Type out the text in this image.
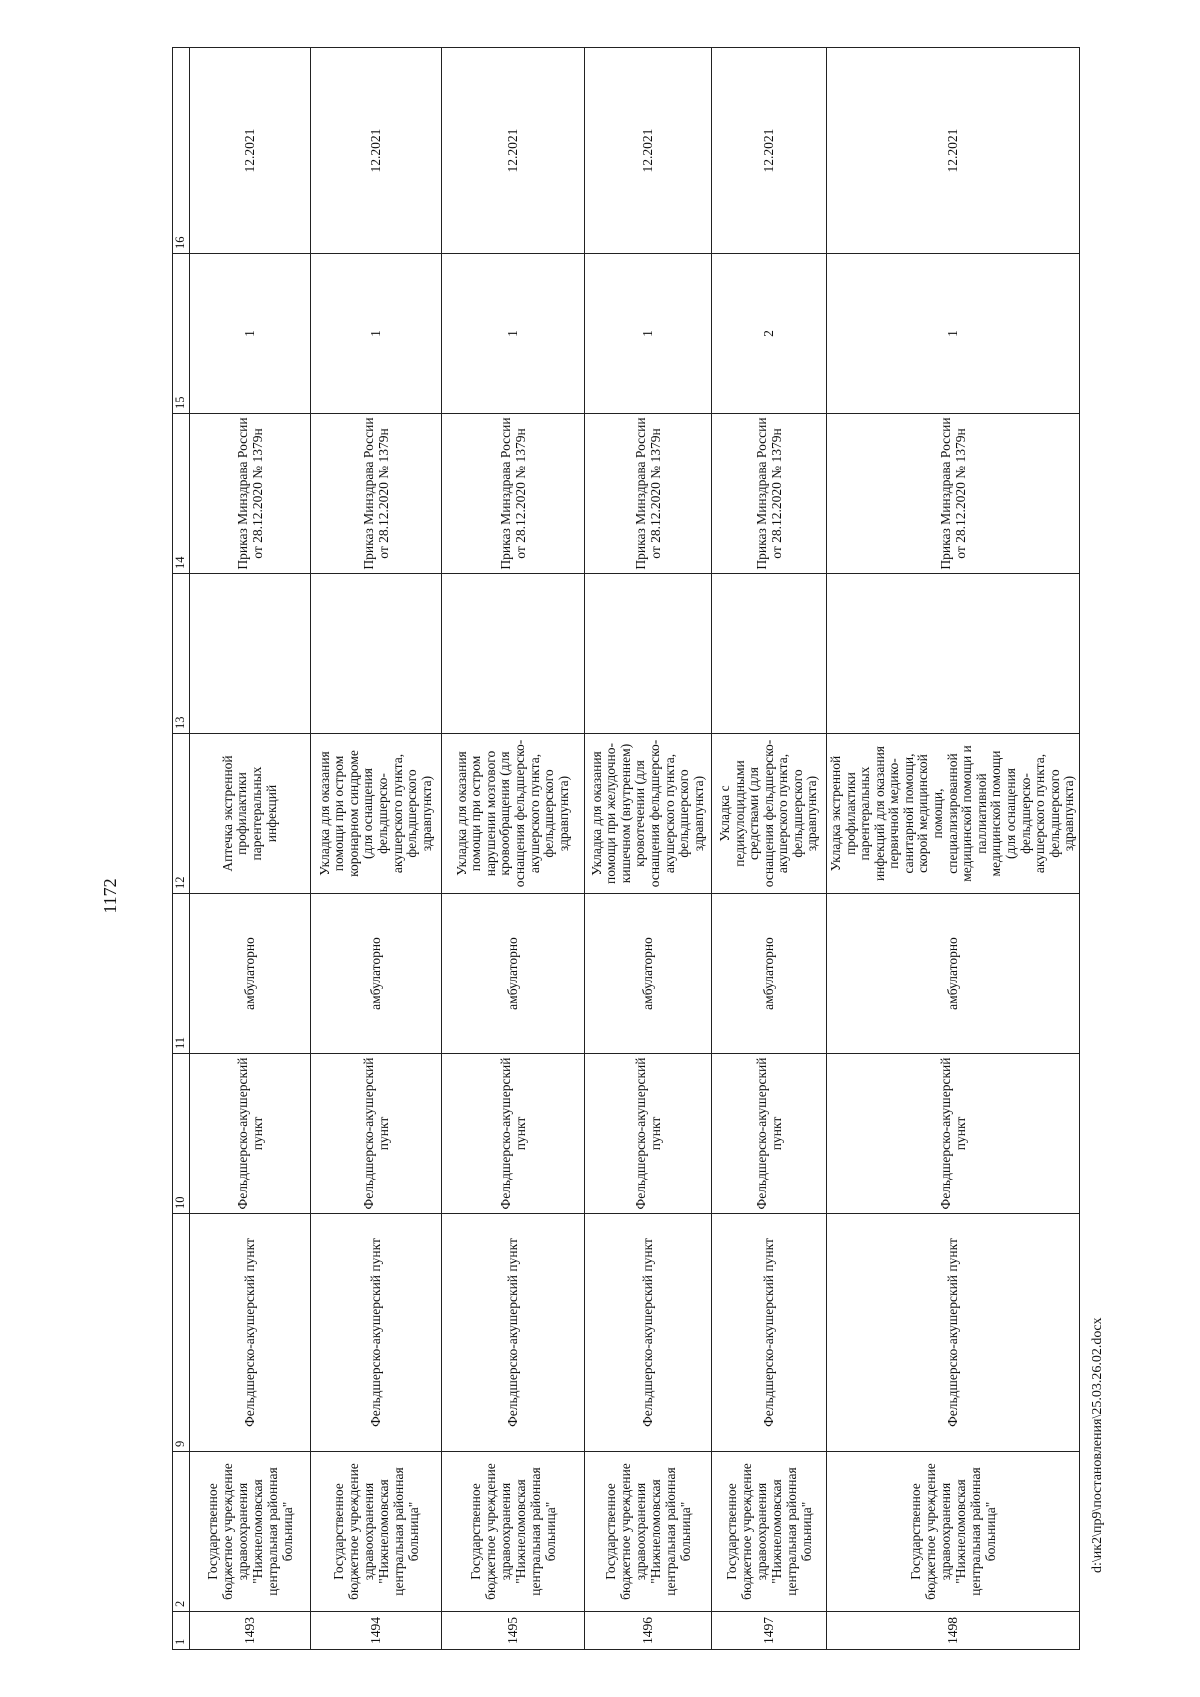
1172
1	2	9	10	11	12	13	14	15	16
1493	Государственное бюджетное учреждение здравоохранения "Нижнеломовская центральная районная больница"	Фельдшерско-акушерский пункт	Фельдшерско-акушерский пункт	амбулаторно	Аптечка экстренной профилактики парентеральных инфекций		Приказ Минздрава России от 28.12.2020 № 1379н	1	12.2021
1494	Государственное бюджетное учреждение здравоохранения "Нижнеломовская центральная районная больница"	Фельдшерско-акушерский пункт	Фельдшерско-акушерский пункт	амбулаторно	Укладка для оказания помощи при остром коронарном синдроме (для оснащения фельдшерско-акушерского пункта, фельдшерского здравпункта)		Приказ Минздрава России от 28.12.2020 № 1379н	1	12.2021
1495	Государственное бюджетное учреждение здравоохранения "Нижнеломовская центральная районная больница"	Фельдшерско-акушерский пункт	Фельдшерско-акушерский пункт	амбулаторно	Укладка для оказания помощи при остром нарушении мозгового кровообращения (для оснащения фельдшерско-акушерского пункта, фельдшерского здравпункта)		Приказ Минздрава России от 28.12.2020 № 1379н	1	12.2021
1496	Государственное бюджетное учреждение здравоохранения "Нижнеломовская центральная районная больница"	Фельдшерско-акушерский пункт	Фельдшерско-акушерский пункт	амбулаторно	Укладка для оказания помощи при желудочно-кишечном (внутреннем) кровотечении (для оснащения фельдшерско-акушерского пункта, фельдшерского здравпункта)		Приказ Минздрава России от 28.12.2020 № 1379н	1	12.2021
1497	Государственное бюджетное учреждение здравоохранения "Нижнеломовская центральная районная больница"	Фельдшерско-акушерский пункт	Фельдшерско-акушерский пункт	амбулаторно	Укладка с педикулоцидными средствами (для оснащения фельдшерско-акушерского пункта, фельдшерского здравпункта)		Приказ Минздрава России от 28.12.2020 № 1379н	2	12.2021
1498	Государственное бюджетное учреждение здравоохранения "Нижнеломовская центральная районная больница"	Фельдшерско-акушерский пункт	Фельдшерско-акушерский пункт	амбулаторно	Укладка экстренной профилактики парентеральных инфекций для оказания первичной медико-санитарной помощи, скорой медицинской помощи, специализированной медицинской помощи и паллиативной медицинской помощи (для оснащения фельдшерско-акушерского пункта, фельдшерского здравпункта)		Приказ Минздрава России от 28.12.2020 № 1379н	1	12.2021
d:\ик2\пр9\постановления\25.03.26.02.docx
